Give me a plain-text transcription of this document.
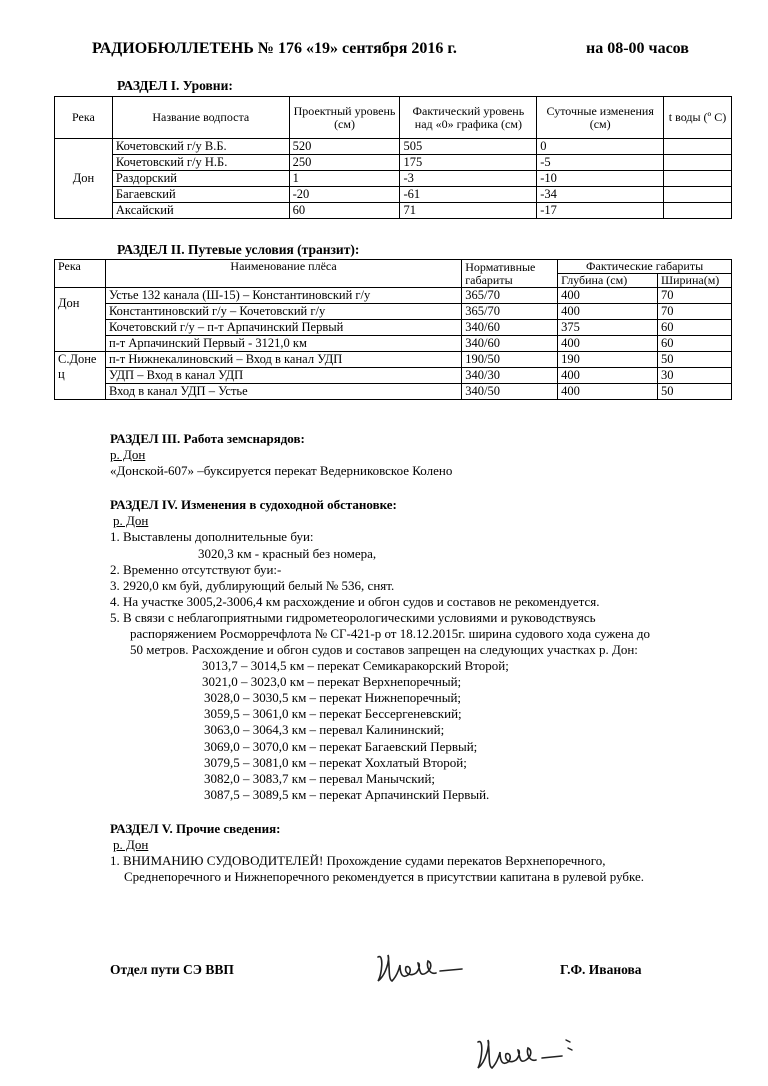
РАДИОБЮЛЛЕТЕНЬ № 176 «19» сентября 2016 г.	на 08-00 часов
РАЗДЕЛ I. Уровни:
Река	Название водпоста	Проектный уровень (см)	Фактический уровень над «0» графика (см)	Суточные изменения (см)	t воды (º С)
Дон	Кочетовский г/у В.Б.	520	505	0	
	Кочетовский г/у Н.Б.	250	175	-5	
	Раздорский	1	-3	-10	
	Багаевский	-20	-61	-34	
	Аксайский	60	71	-17	
РАЗДЕЛ II. Путевые условия (транзит):
Река	Наименование плёса	Нормативные габариты	Фактические габариты	
			Глубина (см)	Ширина(м)
Дон	Устье 132 канала (Ш-15) – Константиновский г/у	365/70	400	70
	Константиновский г/у – Кочетовский г/у	365/70	400	70
	Кочетовский г/у – п-т Арпачинский Первый	340/60	375	60
	п-т Арпачинский Первый - 3121,0 км	340/60	400	60
С.Донец	п-т Нижнекалиновский – Вход в канал УДП	190/50	190	50
	УДП – Вход в канал УДП	340/30	400	30
	Вход в канал УДП – Устье	340/50	400	50
РАЗДЕЛ III. Работа земснарядов:
р. Дон
«Донской-607» –буксируется перекат Ведерниковское Колено
РАЗДЕЛ IV. Изменения в судоходной обстановке:
р. Дон
1. Выставлены дополнительные буи:
3020,3 км - красный без номера,
2. Временно отсутствуют буи:-
3. 2920,0 км буй, дублирующий белый № 536, снят.
4. На участке 3005,2-3006,4 км расхождение и обгон судов и составов не рекомендуется.
5. В связи с неблагоприятными гидрометеорологическими условиями и руководствуясь
распоряжением Росморречфлота № СГ-421-р от 18.12.2015г. ширина судового хода сужена до
50 метров. Расхождение и обгон судов и составов запрещен на следующих участках р. Дон:
3013,7 – 3014,5 км – перекат Семикаракорский Второй;
3021,0 – 3023,0 км – перекат Верхнепоречный;
3028,0 – 3030,5 км – перекат Нижнепоречный;
3059,5 – 3061,0 км – перекат Бессергеневский;
3063,0 – 3064,3 км – перевал Калининский;
3069,0 – 3070,0 км – перекат Багаевский Первый;
3079,5 – 3081,0 км – перекат Хохлатый Второй;
3082,0 – 3083,7 км – перевал Манычский;
3087,5 – 3089,5 км – перекат Арпачинский Первый.
РАЗДЕЛ V. Прочие сведения:
р. Дон
1. ВНИМАНИЮ СУДОВОДИТЕЛЕЙ! Прохождение судами перекатов Верхнепоречного,
Среднепоречного и Нижнепоречного рекомендуется в присутствии капитана в рулевой рубке.
Отдел пути СЭ ВВП	Г.Ф. Иванова
